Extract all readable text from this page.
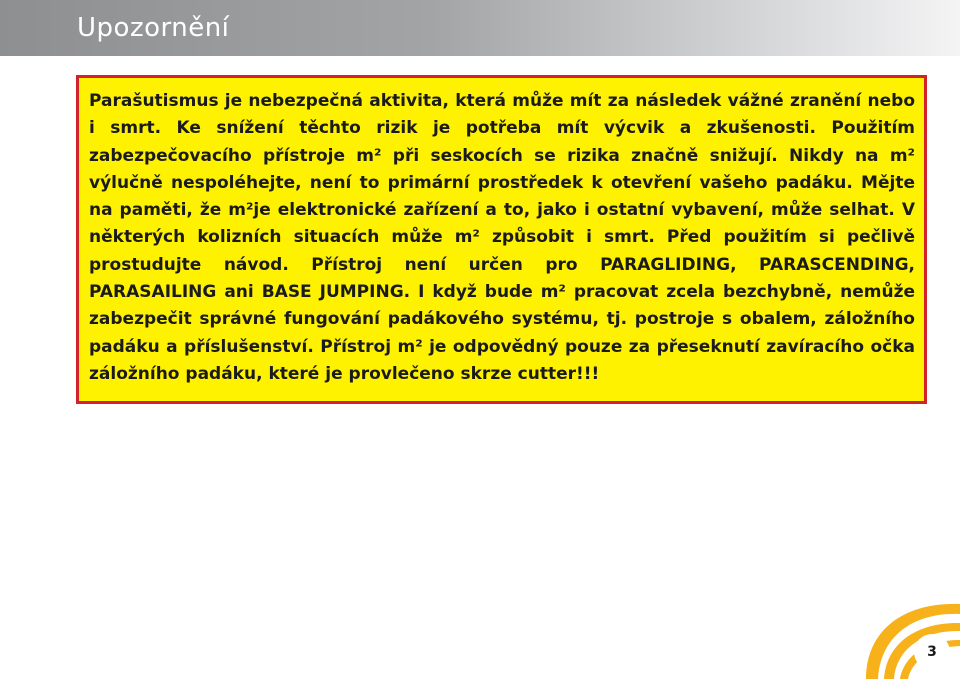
Upozornění

Parašutismus je nebezpečná aktivita, která může mít za následek vážné zranění nebo i smrt. Ke snížení těchto rizik je potřeba mít výcvik a zkušenosti. Použitím zabezpečovacího přístroje m² při seskocích se rizika značně snižují. Nikdy na m² výlučně nespoléhejte, není to primární prostředek k otevření vašeho padáku. Mějte na paměti, že m²je elektronické zařízení a to, jako i ostatní vybavení, může selhat. V některých kolizních situacích může m² způsobit i smrt. Před použitím si pečlivě prostudujte návod. Přístroj není určen pro PARAGLIDING, PARASCENDING, PARASAILING ani BASE JUMPING. I když bude m² pracovat zcela bezchybně, nemůže zabezpečit správné fungování padákového systému, tj. postroje s obalem, záložního padáku a příslušenství. Přístroj m² je odpovědný pouze za přeseknutí zavíracího očka záložního padáku, které je provlečeno skrze cutter!!!

3
